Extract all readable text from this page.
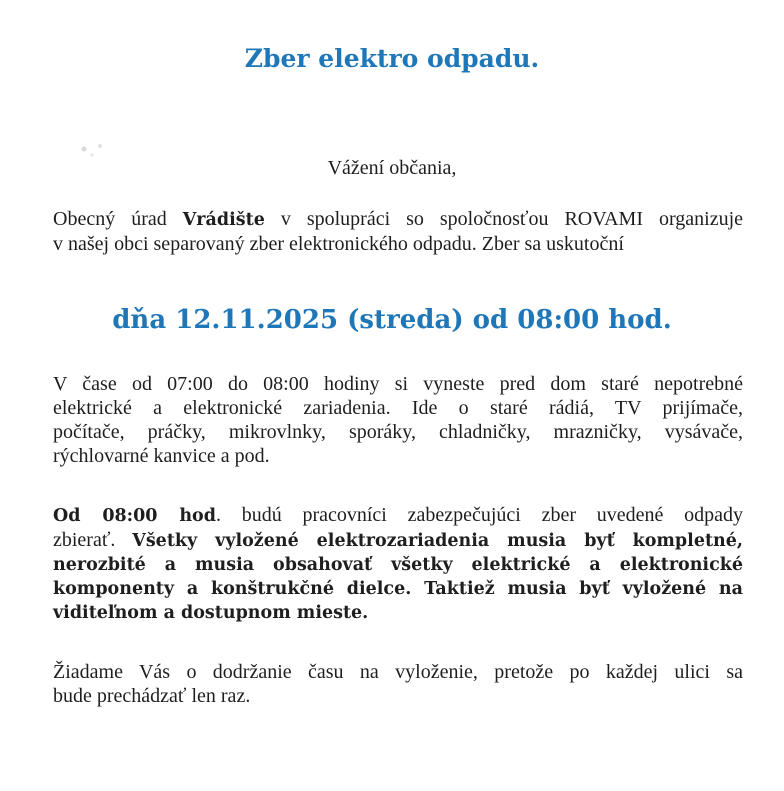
Zber elektro odpadu.
Vážení občania,
Obecný úrad Vrádište v spolupráci so spoločnosťou ROVAMI organizuje
v našej obci separovaný zber elektronického odpadu. Zber sa uskutoční
dňa 12.11.2025 (streda) od 08:00 hod.
V čase od 07:00 do 08:00 hodiny si vyneste pred dom staré nepotrebné
elektrické a elektronické zariadenia. Ide o staré rádiá, TV prijímače,
počítače, práčky, mikrovlnky, sporáky, chladničky, mrazničky, vysávače,
rýchlovarné kanvice a pod.
Od 08:00 hod. budú pracovníci zabezpečujúci zber uvedené odpady
zbierať. Všetky vyložené elektrozariadenia musia byť kompletné,
nerozbité a musia obsahovať všetky elektrické a elektronické
komponenty a konštrukčné dielce. Taktiež musia byť vyložené na
viditeľnom a dostupnom mieste.
Žiadame Vás o dodržanie času na vyloženie, pretože po každej ulici sa
bude prechádzať len raz.
